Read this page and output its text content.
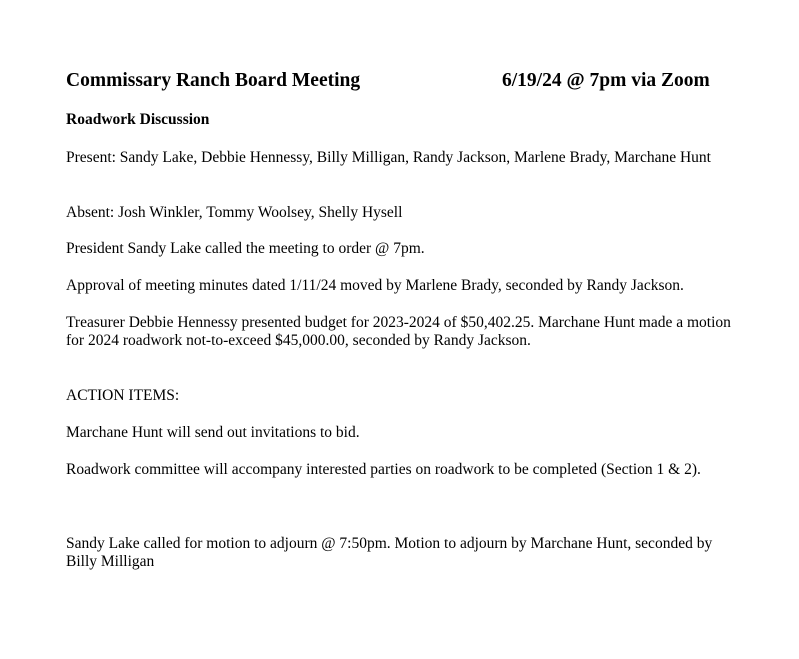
Commissary Ranch Board Meeting	6/19/24 @ 7pm via Zoom
Roadwork Discussion

Present: Sandy Lake, Debbie Hennessy, Billy Milligan, Randy Jackson, Marlene Brady, Marchane Hunt

Absent: Josh Winkler, Tommy Woolsey, Shelly Hysell

President Sandy Lake called the meeting to order @ 7pm.

Approval of meeting minutes dated 1/11/24 moved by Marlene Brady, seconded by Randy Jackson.

Treasurer Debbie Hennessy presented budget for 2023-2024 of $50,402.25. Marchane Hunt made a motion for 2024 roadwork not-to-exceed $45,000.00, seconded by Randy Jackson.

ACTION ITEMS:

Marchane Hunt will send out invitations to bid.

Roadwork committee will accompany interested parties on roadwork to be completed (Section 1 & 2).

Sandy Lake called for motion to adjourn @ 7:50pm. Motion to adjourn by Marchane Hunt, seconded by Billy Milligan
